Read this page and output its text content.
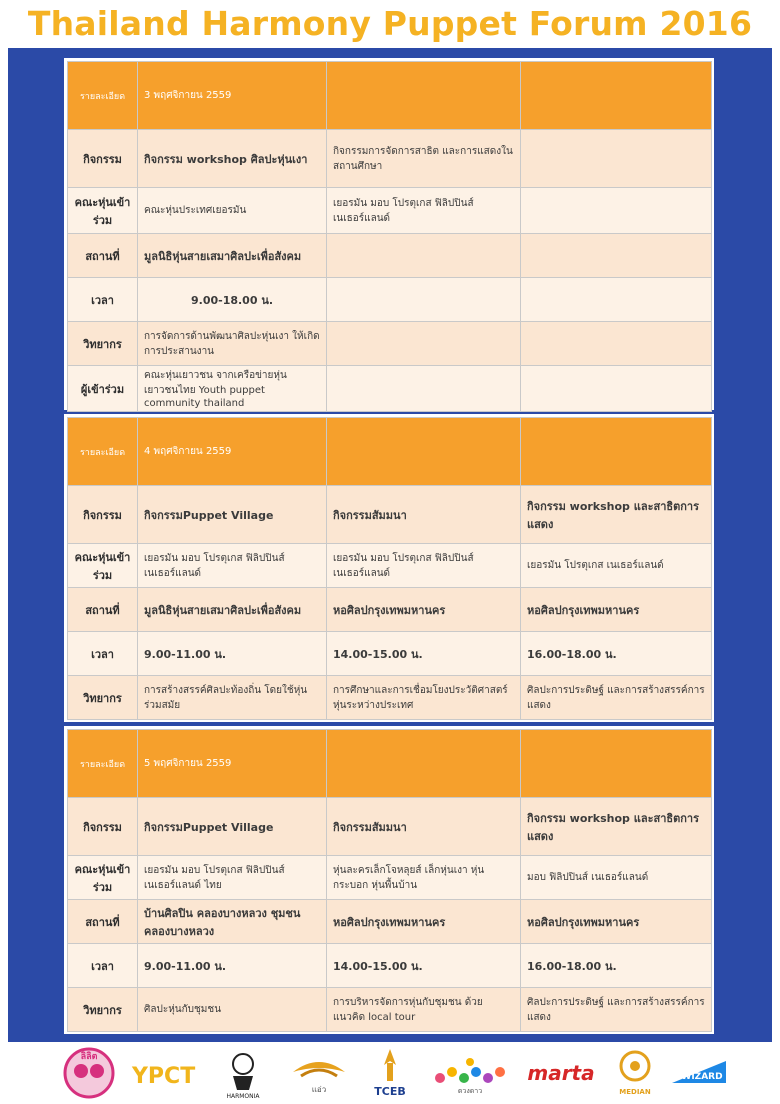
Thailand Harmony Puppet Forum 2016
รายละเอียด	3 พฤศจิกายน 2559		
กิจกรรม	กิจกรรม workshop ศิลปะหุ่นเงา	กิจกรรมการจัดการสาธิต และการแสดงในสถานศึกษา	
คณะหุ่นเข้าร่วม	คณะหุ่นประเทศเยอรมัน	เยอรมัน มอบ โปรตุเกส ฟิลิปปินส์ เนเธอร์แลนด์	
สถานที่	มูลนิธิหุ่นสายเสมาศิลปะเพื่อสังคม		
เวลา	9.00-18.00 น.		
วิทยากร	การจัดการด้านพัฒนาศิลปะหุ่นเงา ให้เกิดการประสานงาน		
ผู้เข้าร่วม	คณะหุ่นเยาวชน จากเครือข่ายหุ่นเยาวชนไทย Youth puppet community thailand		
รายละเอียด	4 พฤศจิกายน 2559		
กิจกรรม	กิจกรรมPuppet Village	กิจกรรมสัมมนา	กิจกรรม workshop และสาธิตการแสดง
คณะหุ่นเข้าร่วม	เยอรมัน มอบ โปรตุเกส ฟิลิปปินส์ เนเธอร์แลนด์	เยอรมัน มอบ โปรตุเกส ฟิลิปปินส์ เนเธอร์แลนด์	เยอรมัน โปรตุเกส เนเธอร์แลนด์
สถานที่	มูลนิธิหุ่นสายเสมาศิลปะเพื่อสังคม	หอศิลปกรุงเทพมหานคร	หอศิลปกรุงเทพมหานคร
เวลา	9.00-11.00 น.	14.00-15.00 น.	16.00-18.00 น.
วิทยากร	การสร้างสรรค์ศิลปะท้องถิ่น โดยใช้หุ่นร่วมสมัย	การศึกษาและการเชื่อมโยงประวัติศาสตร์ หุ่นระหว่างประเทศ	ศิลปะการประดิษฐ์ และการสร้างสรรค์การแสดง
รายละเอียด	5 พฤศจิกายน 2559		
กิจกรรม	กิจกรรมPuppet Village	กิจกรรมสัมมนา	กิจกรรม workshop และสาธิตการแสดง
คณะหุ่นเข้าร่วม	เยอรมัน มอบ โปรตุเกส ฟิลิปปินส์ เนเธอร์แลนด์ ไทย	หุ่นละครเล็กโจหลุยส์ เล็กหุ่นเงา หุ่นกระบอก หุ่นพื้นบ้าน	มอบ ฟิลิปปินส์ เนเธอร์แลนด์
สถานที่	บ้านศิลปิน คลองบางหลวง ชุมชนคลองบางหลวง	หอศิลปกรุงเทพมหานคร	หอศิลปกรุงเทพมหานคร
เวลา	9.00-11.00 น.	14.00-15.00 น.	16.00-18.00 น.
วิทยากร	ศิลปะหุ่นกับชุมชน	การบริหารจัดการหุ่นกับชุมชน ด้วยแนวคิด local tour	ศิลปะการประดิษฐ์ และการสร้างสรรค์การแสดง
ลิลิต
YPCT
HARMONIA
แอ่ว	TCEB	ดวงดาว
marta
MEDIAN
WIZARD
